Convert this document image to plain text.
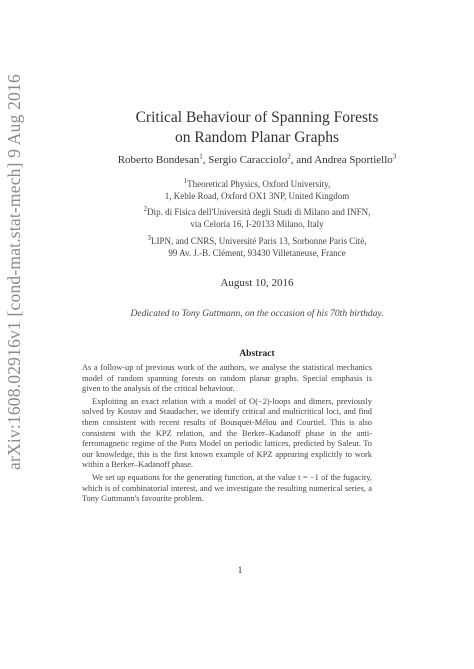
arXiv:1608.02916v1 [cond-mat.stat-mech] 9 Aug 2016	Critical Behaviour of Spanning Forests
on Random Planar Graphs
Roberto Bondesan$^1$, Sergio Caracciolo$^2$, and Andrea Sportiello$^3$
$^1$Theoretical Physics, Oxford University,
1, Keble Road, Oxford OX1 3NP, United Kingdom
$^2$Dip. di Fisica dell'Università degli Studi di Milano and INFN,
via Celoria 16, I-20133 Milano, Italy
$^3$LIPN, and CNRS, Université Paris 13, Sorbonne Paris Cité,
99 Av. J.-B. Clément, 93430 Villetaneuse, France
August 10, 2016
Dedicated to Tony Guttmann, on the occasion of his 70th birthday.
Abstract

As a follow-up of previous work of the authors, we analyse the statistical mechanics model of random spanning forests on random planar graphs. Special emphasis is given to the analysis of the critical behaviour.

Exploiting an exact relation with a model of O(−2)-loops and dimers, previously solved by Kostov and Staudacher, we identify critical and multicritical loci, and find them consistent with recent results of Bousquet-Mélou and Courtiel. This is also consistent with the KPZ relation, and the Berker–Kadanoff phase in the anti-ferromagnetic regime of the Potts Model on periodic lattices, predicted by Saleur. To our knowledge, this is the first known example of KPZ appearing explicitly to work within a Berker–Kadanoff phase.

We set up equations for the generating function, at the value t = −1 of the fugacity, which is of combinatorial interest, and we investigate the resulting numerical series, a Tony Guttmann's favourite problem.

1
